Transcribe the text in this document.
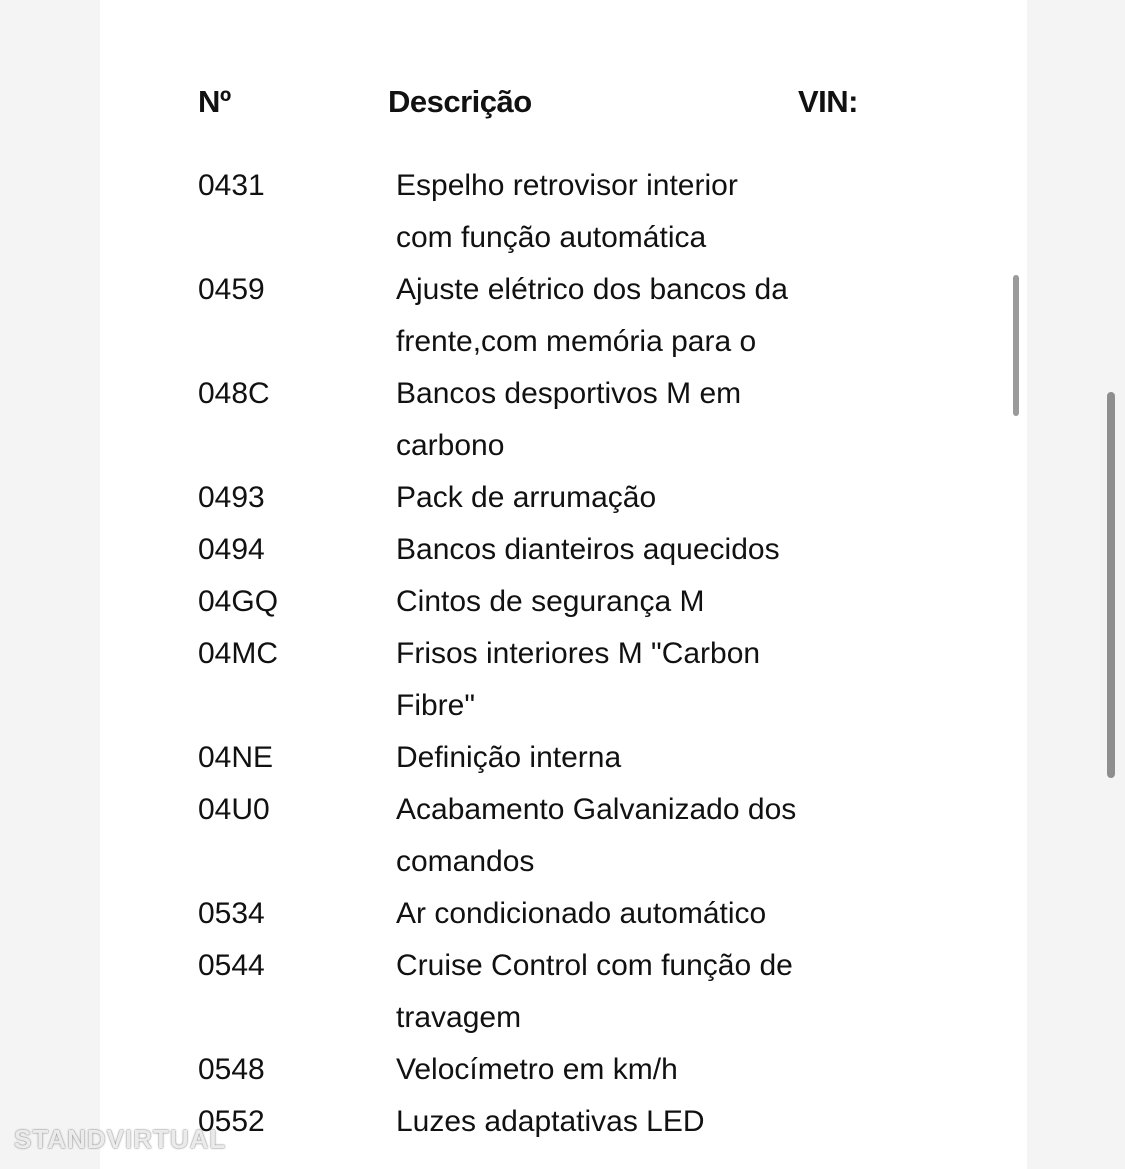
Nº	Descrição	VIN:
0431	Espelho retrovisor interior
com função automática
0459	Ajuste elétrico dos bancos da
frente,com memória para o
048C	Bancos desportivos M em
carbono
0493	Pack de arrumação
0494	Bancos dianteiros aquecidos
04GQ	Cintos de segurança M
04MC	Frisos interiores M "Carbon
Fibre"
04NE	Definição interna
04U0	Acabamento Galvanizado dos
comandos
0534	Ar condicionado automático
0544	Cruise Control com função de
travagem
0548	Velocímetro em km/h
0552	Luzes adaptativas LED
STANDVIRTUAL
